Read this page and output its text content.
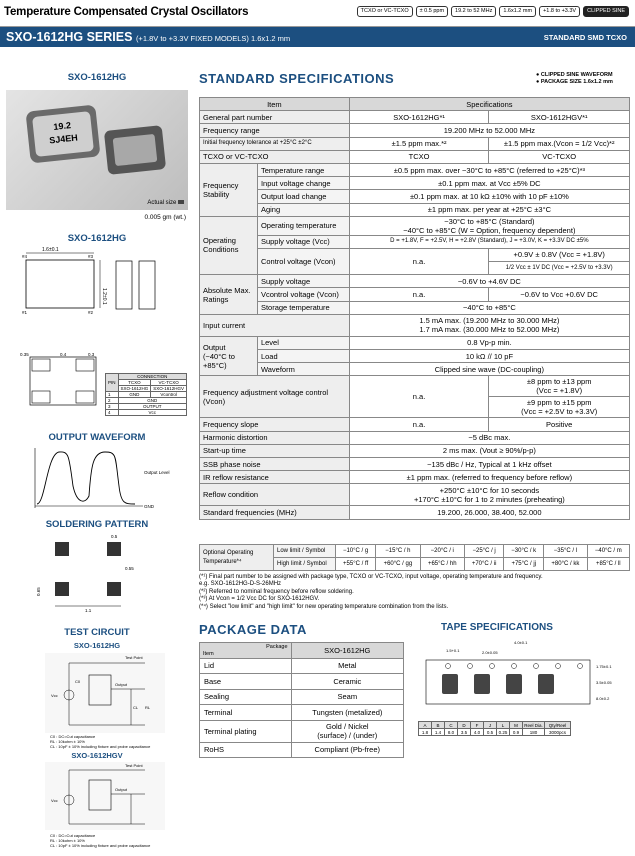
Temperature Compensated Crystal Oscillators	TCXO or VC-TCXO	± 0.5 ppm	19.2 to 52 MHz	1.6x1.2 mm	+1.8 to +3.3V	CLIPPED SINE
SXO-1612HG SERIES (+1.8V to +3.3V FIXED MODELS) 1.6x1.2 mm	STANDARD SMD TCXO
SXO-1612HG
19.2
SJ4EH
Actual size
0.005 gm (wt.)
SXO-1612HG
1.6±0.1
1.2±0.1
#4	#3
#1	#2
0.35	0.4	0.3
PIN	CONNECTION	
	TCXO	VC-TCXO
	SXO-1612HG	SXO-1612HGV
1	GND	Vcontrol
2	GND	
3	OUTPUT	
4	Vcc	
OUTPUT WAVEFORM
Output Level
GND
SOLDERING PATTERN
0.5
0.55
0.65
1.1
TEST CIRCUIT
SXO-1612HG
Test Point
Output
Vcc
CL RL
C0
C0 : DC=Cut capacitance
RL : 10kohm ± 10%
CL : 10pF ± 10% including fixture and probe capacitance
SXO-1612HGV
Test Point
Output
Vcc
C0 : DC=Cut capacitance
RL : 10kohm ± 10%
CL : 10pF ± 10% including fixture and probe capacitance
STANDARD SPECIFICATIONS	● CLIPPED SINE WAVEFORM
● PACKAGE SIZE 1.6x1.2 mm
Item		Specifications	
General part number		SXO-1612HG*¹	SXO-1612HGV*¹
Frequency range		19.200 MHz to 52.000 MHz	
Initial frequency tolerance at +25°C ±2°C		±1.5 ppm max.*²	±1.5 ppm max.(Vcon = 1/2 Vcc)*²
TCXO or VC-TCXO		TCXO	VC-TCXO
Frequency Stability	Temperature range	±0.5 ppm max. over −30°C to +85°C (referred to +25°C)*³	
	Input voltage change	±0.1 ppm max. at Vcc ±5% DC	
	Output load change	±0.1 ppm max. at 10 kΩ ±10% with 10 pF ±10%	
	Aging	±1 ppm max. per year at +25°C ±3°C	
Operating Conditions	Operating temperature	−30°C to +85°C (Standard)
−40°C to +85°C (W = Option, frequency dependent)	

	Supply voltage (Vcc)	D = +1.8V, F = +2.5V, H = +2.8V (Standard), J = +3.0V, K = +3.3V DC ±5%	
	Control voltage (Vcon)	n.a.	+0.9V ± 0.8V (Vcc = +1.8V)
			1/2 Vcc ± 1V DC (Vcc = +2.5V to +3.3V)
Absolute Max. Ratings	Supply voltage	−0.6V to +4.6V DC	
	Vcontrol voltage (Vcon)	n.a.	−0.6V to Vcc +0.6V DC
	Storage temperature	−40°C to +85°C	
Input current		1.5 mA max. (19.200 MHz to 30.000 MHz)
1.7 mA max. (30.000 MHz to 52.000 MHz)	

Output
(−40°C to +85°C)	Level	0.8 Vp-p min.	
	Load	10 kΩ // 10 pF	
	Waveform	Clipped sine wave (DC-coupling)	
Frequency adjustment voltage control (Vcon)		n.a.	±8 ppm to ±13 ppm
(Vcc = +1.8V)

			±9 ppm to ±15 ppm
(Vcc = +2.5V to +3.3V)

Frequency slope		n.a.	Positive
Harmonic distortion		−5 dBc max.	
Start-up time		2 ms max. (Vout ≥ 90%/p-p)	
SSB phase noise		−135 dBc / Hz, Typical at 1 kHz offset	
IR reflow resistance		±1 ppm max. (referred to frequency before reflow)	
Reflow condition		+250°C ±10°C for 10 seconds
+170°C ±10°C for 1 to 2 minutes (preheating)	

Standard frequencies (MHz)		19.200, 26.000, 38.400, 52.000	
Optional Operating Temperature*⁴	Low limit / Symbol	−10°C / g	−15°C / h	−20°C / i	−25°C / j	−30°C / k	−35°C / l	−40°C / m
	High limit / Symbol	+55°C / ff	+60°C / gg	+65°C / hh	+70°C / ii	+75°C / jj	+80°C / kk	+85°C / ll
(*¹) Final part number to be assigned with package type, TCXO or VC-TCXO, input voltage, operating temperature and frequency.
e.g. SXO-1612HG-D-S-26MHz
(*²) Referred to nominal frequency before reflow soldering.
(*³) At Vcon = 1/2 Vcc DC for SXO-1612HGV.
(*⁴) Select "low limit" and "high limit" for new operating temperature combination from the lists.
PACKAGE DATA
Item
Package	SXO-1612HG
Lid	Metal
Base	Ceramic
Sealing	Seam
Terminal	Tungsten (metalized)
Terminal plating	Gold / Nickel
(surface) / (under)

RoHS	Compliant (Pb-free)
TAPE SPECIFICATIONS
4.0±0.1
2.0±0.05
1.5+0.1
1.75±0.1
3.5±0.05
8.0±0.2
A	B	C	D	F	J	L	M	Reel Dia.	Qty/Reel
1.8	1.4	8.0	3.5	4.0	0.5	0.25	0.9	180	3000pcs
